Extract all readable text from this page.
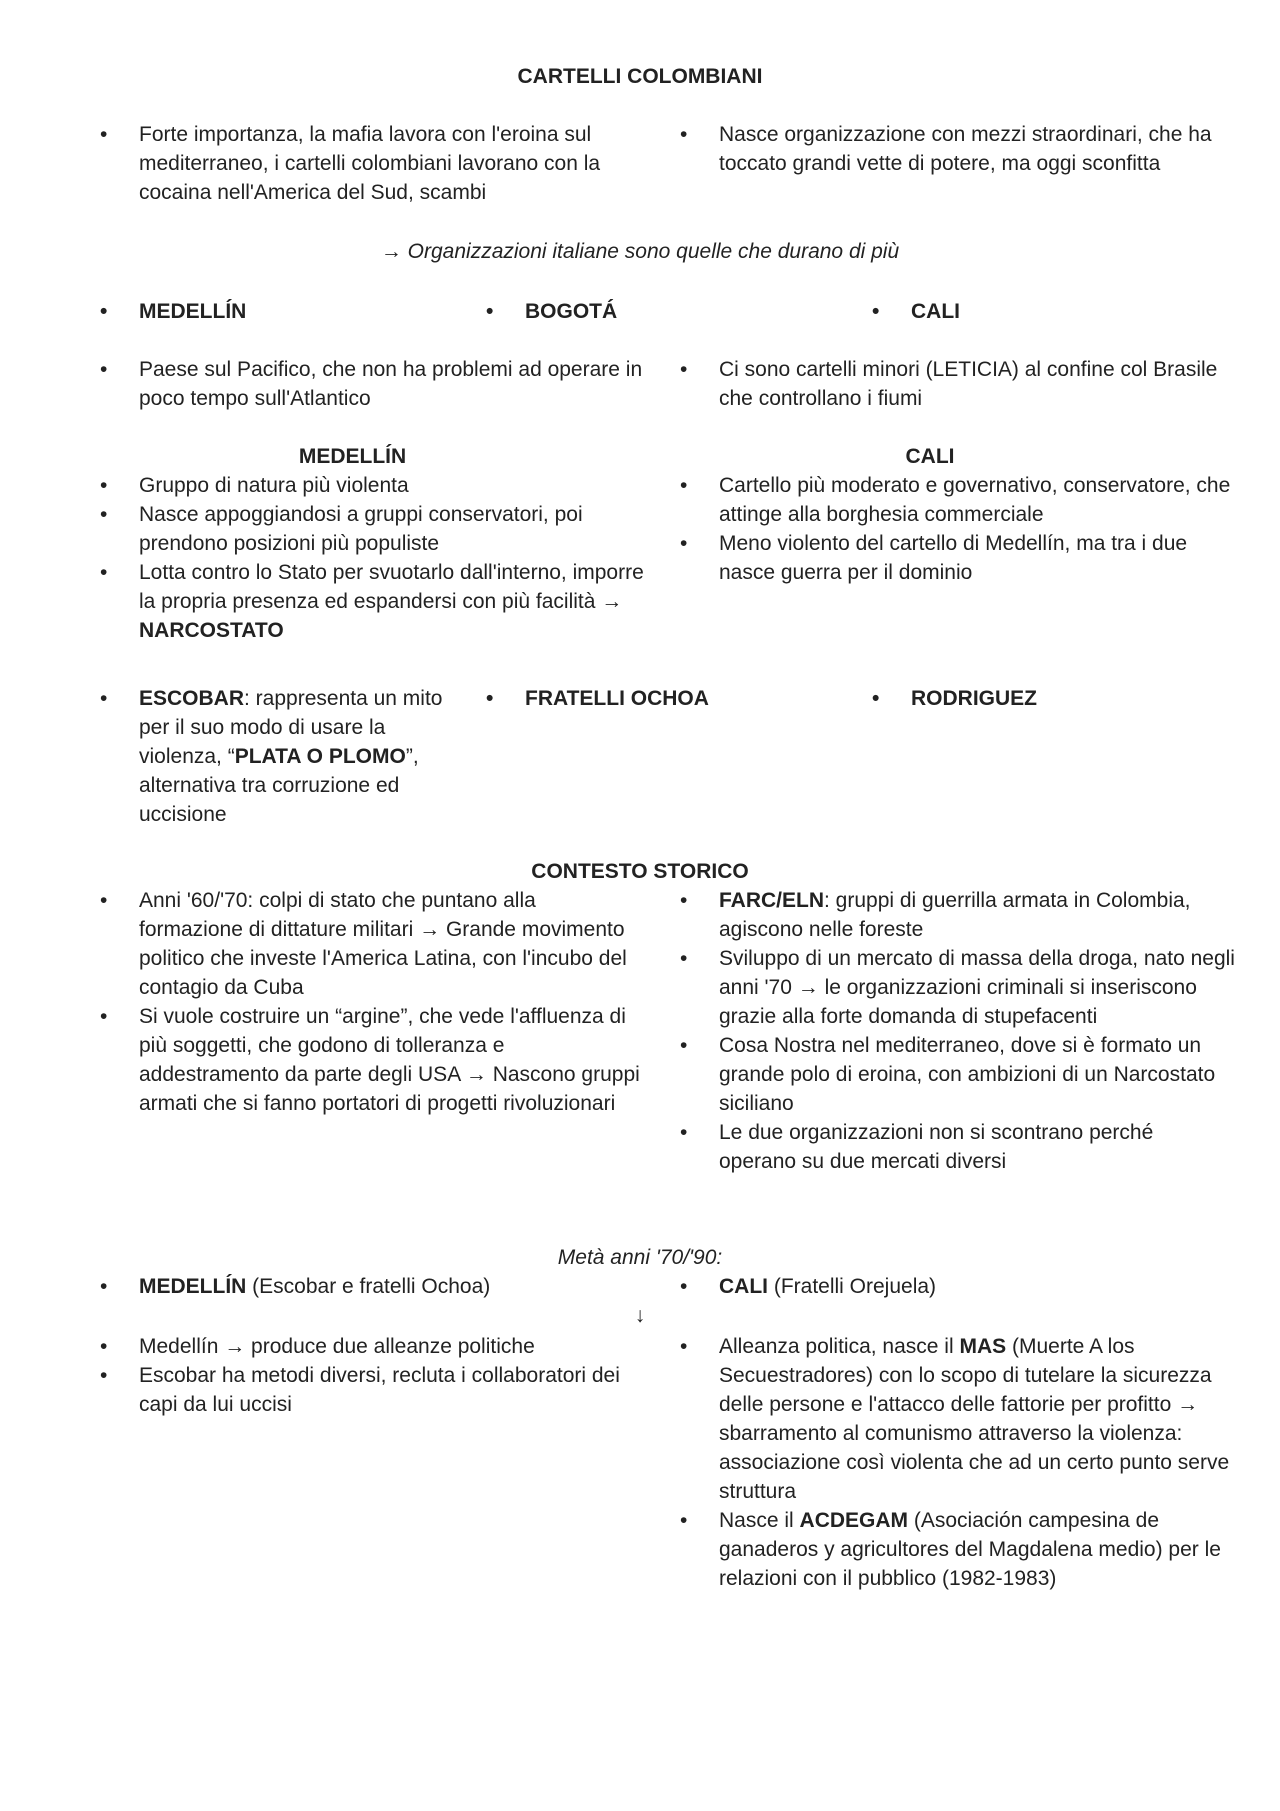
CARTELLI COLOMBIANI
• Forte importanza, la mafia lavora con l'eroina sul mediterraneo, i cartelli colombiani lavorano con la cocaina nell'America del Sud, scambi
• Nasce organizzazione con mezzi straordinari, che ha toccato grandi vette di potere, ma oggi sconfitta
→ Organizzazioni italiane sono quelle che durano di più
• MEDELLÍN	• BOGOTÁ	• CALI
• Paese sul Pacifico, che non ha problemi ad operare in poco tempo sull'Atlantico
• Ci sono cartelli minori (LETICIA) al confine col Brasile che controllano i fiumi
MEDELLÍN
• Gruppo di natura più violenta
• Nasce appoggiandosi a gruppi conservatori, poi prendono posizioni più populiste
• Lotta contro lo Stato per svuotarlo dall'interno, imporre la propria presenza ed espandersi con più facilità → NARCOSTATO
CALI
• Cartello più moderato e governativo, conservatore, che attinge alla borghesia commerciale
• Meno violento del cartello di Medellín, ma tra i due nasce guerra per il dominio
• ESCOBAR: rappresenta un mito per il suo modo di usare la violenza, “PLATA O PLOMO”, alternativa tra corruzione ed uccisione
• FRATELLI OCHOA	• RODRIGUEZ
CONTESTO STORICO
• Anni '60/'70: colpi di stato che puntano alla formazione di dittature militari → Grande movimento politico che investe l'America Latina, con l'incubo del contagio da Cuba
• Si vuole costruire un “argine”, che vede l'affluenza di più soggetti, che godono di tolleranza e addestramento da parte degli USA → Nascono gruppi armati che si fanno portatori di progetti rivoluzionari
• FARC/ELN: gruppi di guerrilla armata in Colombia, agiscono nelle foreste
• Sviluppo di un mercato di massa della droga, nato negli anni '70 → le organizzazioni criminali si inseriscono grazie alla forte domanda di stupefacenti
• Cosa Nostra nel mediterraneo, dove si è formato un grande polo di eroina, con ambizioni di un Narcostato siciliano
• Le due organizzazioni non si scontrano perché operano su due mercati diversi
Metà anni '70/'90:
• MEDELLÍN (Escobar e fratelli Ochoa)	• CALI (Fratelli Orejuela)
↓
• Medellín → produce due alleanze politiche
• Escobar ha metodi diversi, recluta i collaboratori dei capi da lui uccisi
• Alleanza politica, nasce il MAS (Muerte A los Secuestradores) con lo scopo di tutelare la sicurezza delle persone e l'attacco delle fattorie per profitto → sbarramento al comunismo attraverso la violenza: associazione così violenta che ad un certo punto serve struttura
• Nasce il ACDEGAM (Asociación campesina de ganaderos y agricultores del Magdalena medio) per le relazioni con il pubblico (1982-1983)
